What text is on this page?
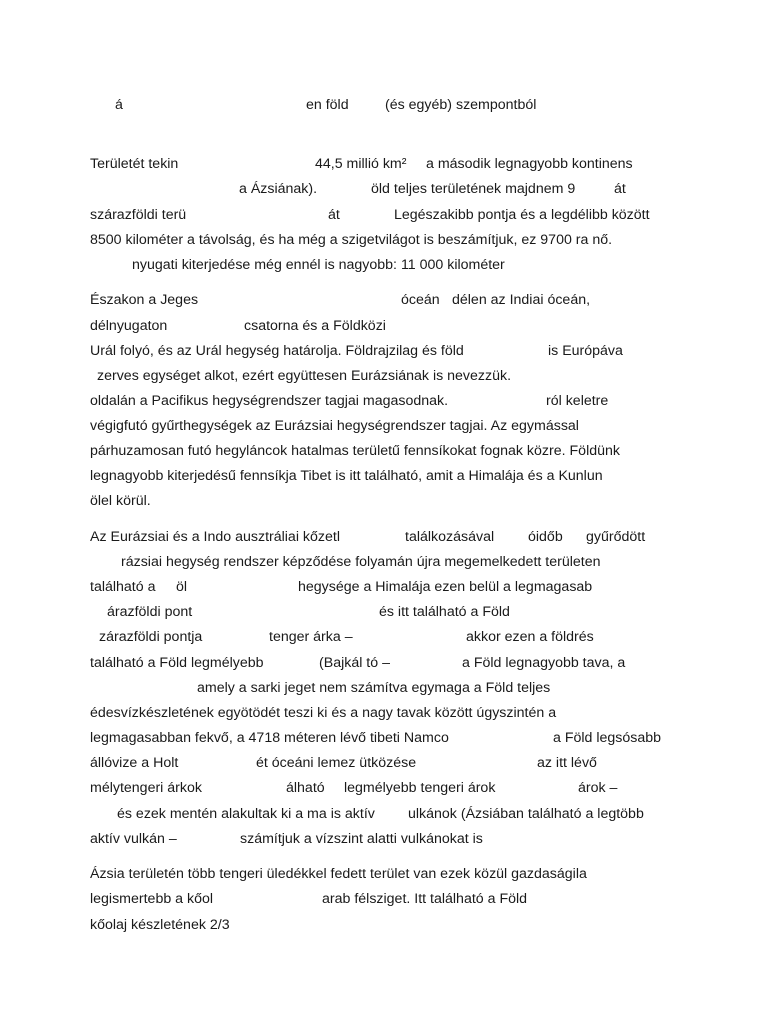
á	en föld	(és egyéb) szempontból
Területét tekin	44,5 millió km² a második legnagyobb kontinens
a Ázsiának).	öld teljes területének majdnem 9	át
szárazföldi terü	át	Legészakibb pontja és a legdélibb között
8500 kilométer a távolság, és ha még a szigetvilágot is beszámítjuk, ez 9700 ra nő.
nyugati kiterjedése még ennél is nagyobb: 11 000 kilométer
Északon a Jeges	óceán délen az Indiai óceán,
délnyugaton	csatorna és a Földközi
Urál folyó, és az Urál hegység határolja. Földrajzilag és föld	is Európáva
zerves egységet alkot, ezért együttesen Eurázsiának is nevezzük.
oldalán a Pacifikus hegységrendszer tagjai magasodnak.	ról keletre
végigfutó gyűrthegységek az Eurázsiai hegységrendszer tagjai. Az egymással
párhuzamosan futó hegyláncok hatalmas területű fennsíkokat fognak közre. Földünk
legnagyobb kiterjedésű fennsíkja Tibet is itt található, amit a Himalája és a Kunlun
ölel körül.
Az Eurázsiai és a Indo ausztráliai kőzetl	találkozásával óidőb gyűrődött
rázsiai hegység rendszer képződése folyamán újra megemelkedett területen
található a öl	hegysége a Himalája ezen belül a legmagasab
árazföldi pont	és itt található a Föld
zárazföldi pontja	tenger árka –	akkor ezen a földrés
található a Föld legmélyebb	(Bajkál tó –	a Föld legnagyobb tava, a
amely a sarki jeget nem számítva egymaga a Föld teljes
édesvízkészletének egyötödét teszi ki és a nagy tavak között úgyszintén a
legmagasabban fekvő, a 4718 méteren lévő tibeti Namco	a Föld legsósabb
állóvize a Holt	ét óceáni lemez ütközése	az itt lévő
mélytengeri árkok	álható legmélyebb tengeri árok	árok –
és ezek mentén alakultak ki a ma is aktív ulkánok (Ázsiában található a legtöbb
aktív vulkán –	számítjuk a vízszint alatti vulkánokat is
Ázsia területén több tengeri üledékkel fedett terület van ezek közül gazdaságila
legismertebb a kőol	arab félsziget. Itt található a Föld
kőolaj készletének 2/3
